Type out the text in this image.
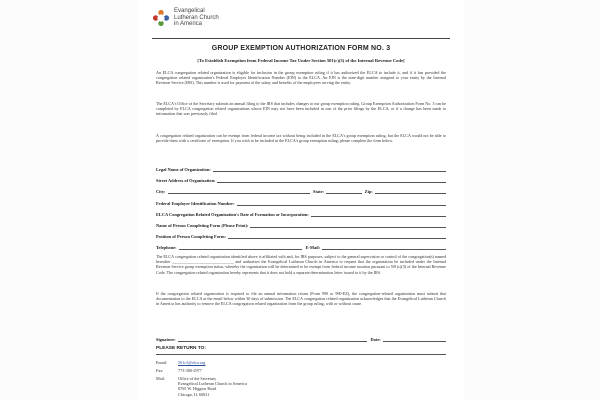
Evangelical
Lutheran Church
in America
GROUP EXEMPTION AUTHORIZATION FORM NO. 3
[To Establish Exemption from Federal Income Tax Under Section 501(c)(3) of the Internal Revenue Code]
An ELCA congregation related organization is eligible for inclusion in the group exemption ruling if it has authorized the ELCA to include it, and if it has provided the congregation related organization's Federal Employer Identification Number (EIN) to the ELCA. An EIN is the nine-digit number assigned to your entity by the Internal Revenue Service (IRS). This number is used for payment of the salary and benefits of the employees serving the entity.
The ELCA's Office of the Secretary submits an annual filing to the IRS that includes changes to our group exemption ruling. Group Exemption Authorization Form No. 3 can be completed by ELCA congregation related organizations whose EIN may not have been included in one of the prior filings by the ELCA, or if a change has been made to information that was previously filed.
A congregation related organization can be exempt from federal income tax without being included in the ELCA's group exemption ruling, but the ELCA would not be able to provide them with a certificate of exemption. If you wish to be included in the ELCA's group exemption ruling, please complete the form below.
Legal Name of Organization:
Street Address of Organization:
City:	State:	Zip:
Federal Employer Identification Number:
ELCA Congregation Related Organization's Date of Formation or Incorporation:
Name of Person Completing Form (Please Print):
Position of Person Completing Form:
Telephone:	E-Mail:
The ELCA congregation related organization identified above is affiliated with and, for IRS purposes, subject to the general supervision or control of the congregation(s) named hereafter ______________________________ and authorizes the Evangelical Lutheran Church in America to request that the organization be included under the Internal Revenue Service group exemption status, whereby the organization will be determined to be exempt from federal income taxation pursuant to 501(c)(3) of the Internal Revenue Code. The congregation related organization hereby represents that it does not hold a separate determination letter issued to it by the IRS.
If the congregation related organization is required to file an annual information return (Form 990 or 990-EZ), the congregation-related organization must submit that documentation to the ELCA at the email below within 30 days of submission. The ELCA congregation related organization acknowledges that the Evangelical Lutheran Church in America has authority to remove the ELCA congregation related organization from the group ruling, with or without cause.
Signature:	Date:
PLEASE RETURN TO:
Email:	501c3@elca.org
Fax:	773-380-2977
Mail:	Office of the Secretary
Evangelical Lutheran Church in America
8765 W. Higgins Road
Chicago, IL 60631
